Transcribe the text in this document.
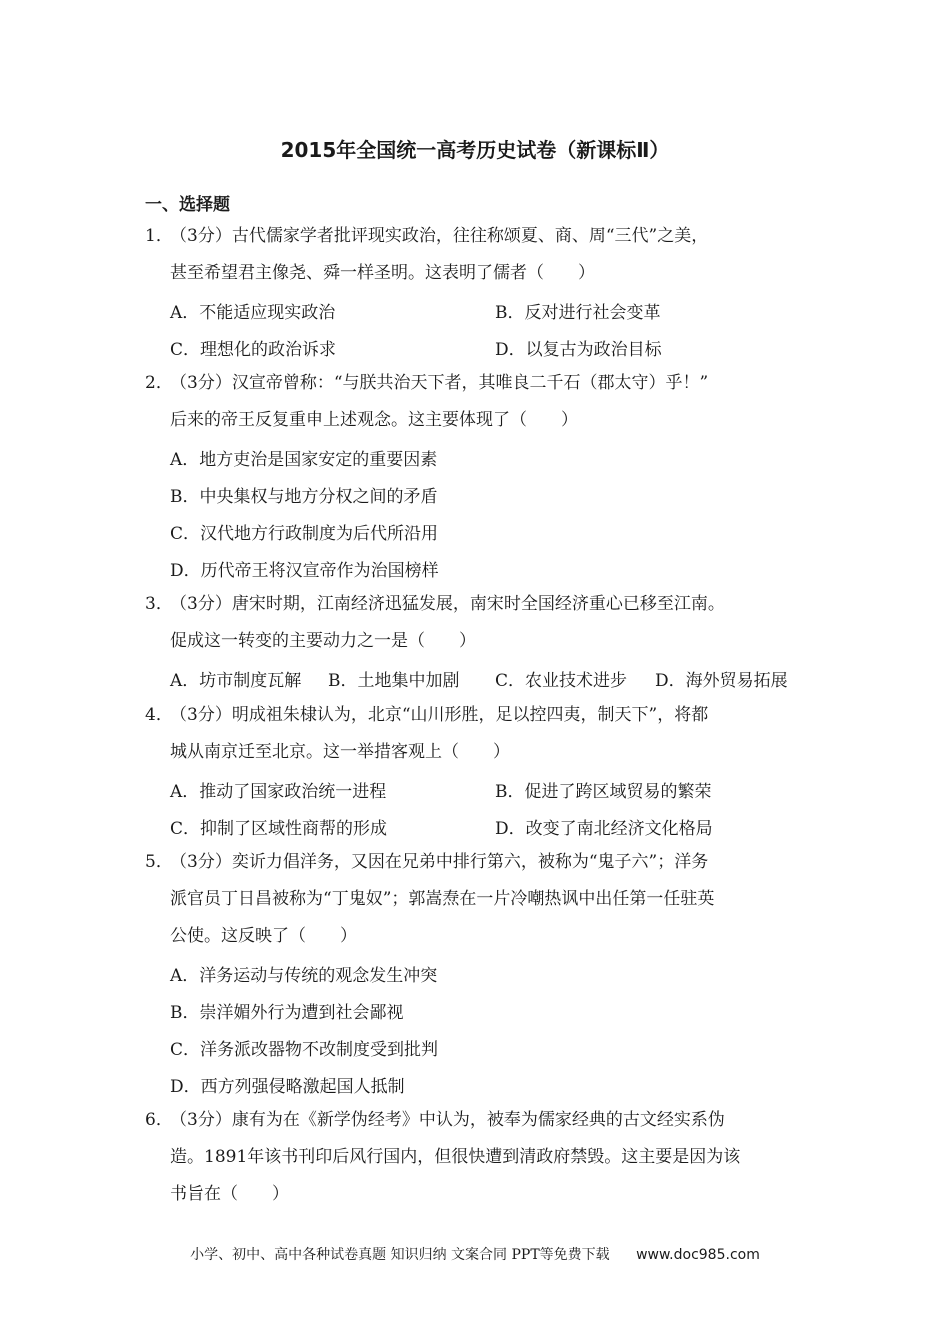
2015年全国统一高考历史试卷（新课标Ⅱ）
一、选择题
1．
（3分）古代儒家学者批评现实政治，往往称颂夏、商、周“三代”之美，
甚至希望君主像尧、舜一样圣明。这表明了儒者（　　）
A．不能适应现实政治	B．反对进行社会变革
C．理想化的政治诉求	D．以复古为政治目标
2．
（3分）汉宣帝曾称：“与朕共治天下者，其唯良二千石（郡太守）乎！”
后来的帝王反复重申上述观念。这主要体现了（　　）
A．地方吏治是国家安定的重要因素
B．中央集权与地方分权之间的矛盾
C．汉代地方行政制度为后代所沿用
D．历代帝王将汉宣帝作为治国榜样
3．
（3分）唐宋时期，江南经济迅猛发展，南宋时全国经济重心已移至江南。
促成这一转变的主要动力之一是（　　）
A．坊市制度瓦解 B．土地集中加剧 C．农业技术进步 D．海外贸易拓展
4．
（3分）明成祖朱棣认为，北京“山川形胜，足以控四夷，制天下”，将都
城从南京迁至北京。这一举措客观上（　　）
A．推动了国家政治统一进程	B．促进了跨区域贸易的繁荣
C．抑制了区域性商帮的形成	D．改变了南北经济文化格局
5．
（3分）奕䜣力倡洋务，又因在兄弟中排行第六，被称为“鬼子六”；洋务
派官员丁日昌被称为“丁鬼奴”；郭嵩焘在一片冷嘲热讽中出任第一任驻英
公使。这反映了（　　）
A．洋务运动与传统的观念发生冲突
B．崇洋媚外行为遭到社会鄙视
C．洋务派改器物不改制度受到批判
D．西方列强侵略激起国人抵制
6．
（3分）康有为在《新学伪经考》中认为，被奉为儒家经典的古文经实系伪
造。1891年该书刊印后风行国内，但很快遭到清政府禁毁。这主要是因为该
书旨在（　　）
小学、初中、高中各种试卷真题 知识归纳 文案合同 PPT等免费下载 www.doc985.com
